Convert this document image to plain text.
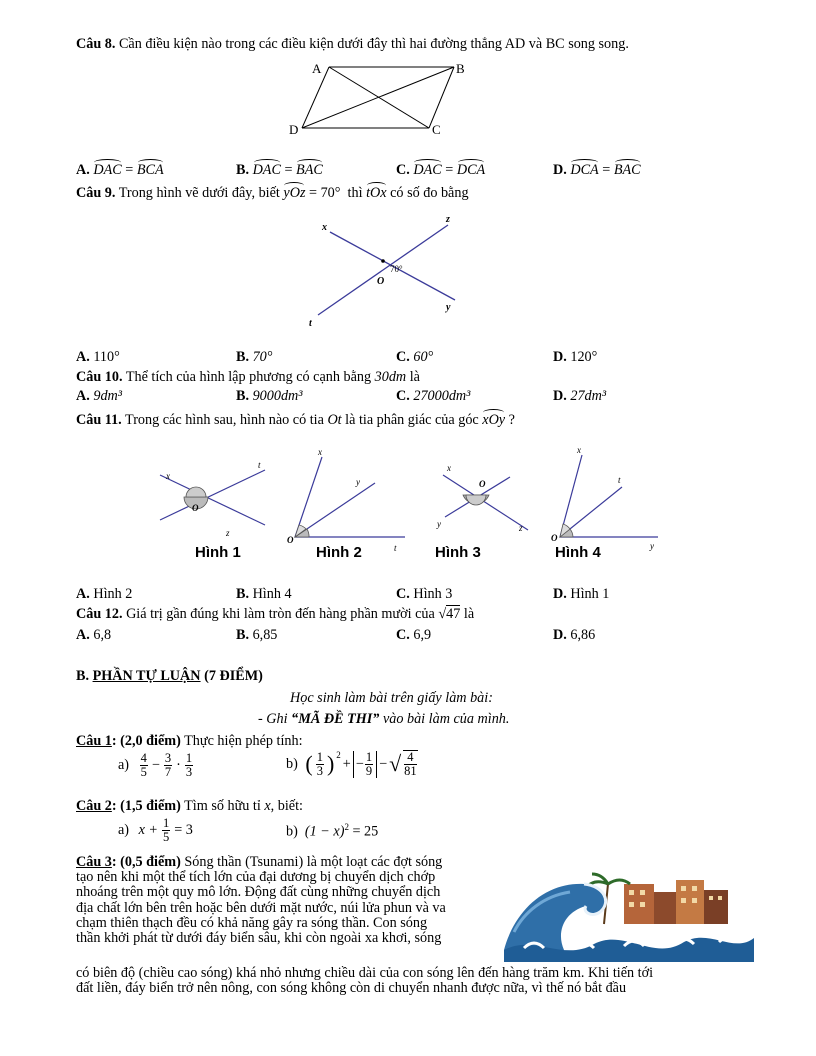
Câu 8. Cần điều kiện nào trong các điều kiện dưới đây thì hai đường thẳng AD và BC song song.
A	B
C
D
A. DAC = BCA	B. DAC = BAC	C. DAC = DCA	D. DCA = BAC
Câu 9. Trong hình vẽ dưới đây, biết yOz = 70° thì tOx có số đo bằng
x
z
O
y
t
70°
A. 110°	B. 70°	C. 60°	D. 120°
Câu 10. Thể tích của hình lập phương có cạnh bằng 30dm là
A. 9dm³	B. 9000dm³	C. 27000dm³	D. 27dm³
Câu 11. Trong các hình sau, hình nào có tia Ot là tia phân giác của góc xOy ?
x
t
O
z
x
y
O
t
x
O
y	z
x
t
O
y
Hình 1	Hình 2	Hình 3	Hình 4
A. Hình 2	B. Hình 4	C. Hình 3	D. Hình 1
Câu 12. Giá trị gần đúng khi làm tròn đến hàng phần mười của √47 là
A. 6,8	B. 6,85	C. 6,9	D. 6,86
B. PHẦN TỰ LUẬN (7 ĐIỂM)
Học sinh làm bài trên giấy làm bài:
- Ghi “MÃ ĐỀ THI” vào bài làm của mình.
Câu 1: (2,0 điểm) Thực hiện phép tính:
a)
$\frac{4}{5} - \frac{3}{7} \cdot \frac{1}{3}$	b)
( $\frac{1}{3} )^2$
+ − $\frac{1}{9}$ − √ $\frac{4}{81}$
Câu 2: (1,5 điểm) Tìm số hữu tỉ x, biết:
a)
$x + \frac{1}{5} = 3$	b) $(1 - x)^2 = 25$
Câu 3: (0,5 điểm) Sóng thần (Tsunami) là một loạt các đợt sóng
tạo nên khi một thể tích lớn của đại dương bị chuyển dịch chớp
nhoáng trên một quy mô lớn. Động đất cùng những chuyển dịch
địa chất lớn bên trên hoặc bên dưới mặt nước, núi lửa phun và va
chạm thiên thạch đều có khả năng gây ra sóng thần. Con sóng
thần khởi phát từ dưới đáy biển sâu, khi còn ngoài xa khơi, sóng
có biên độ (chiều cao sóng) khá nhỏ nhưng chiều dài của con sóng lên đến hàng trăm km. Khi tiến tới
đất liền, đáy biển trở nên nông, con sóng không còn di chuyển nhanh được nữa, vì thế nó bắt đầu
